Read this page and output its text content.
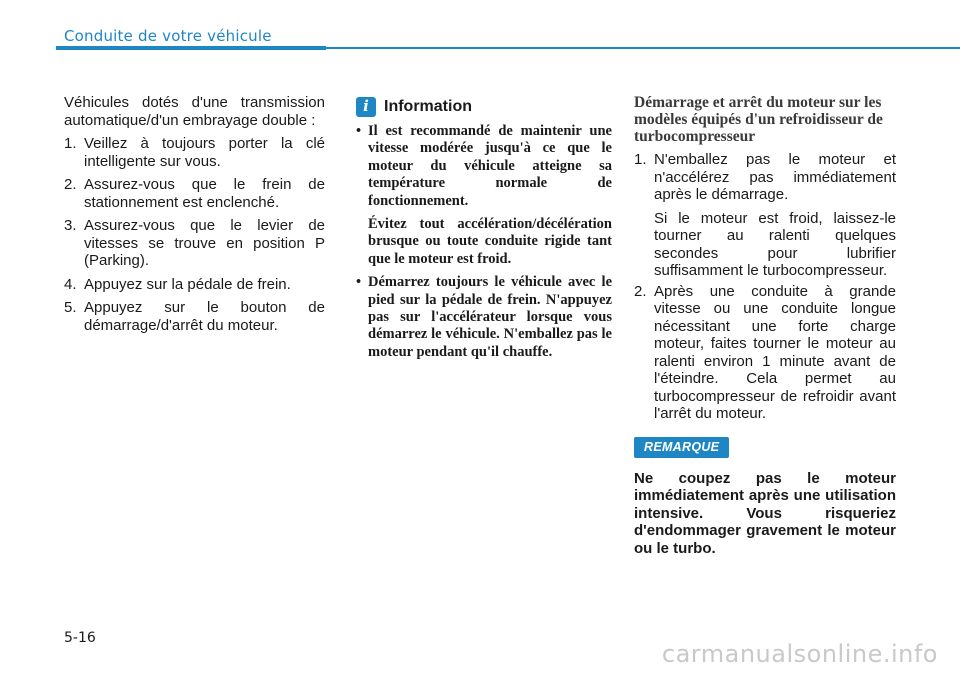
Conduite de votre véhicule

Véhicules dotés d'une transmission automatique/d'un embrayage double :

1. Veillez à toujours porter la clé intelligente sur vous.
2. Assurez-vous que le frein de stationnement est enclenché.
3. Assurez-vous que le levier de vitesses se trouve en position P (Parking).
4. Appuyez sur la pédale de frein.
5. Appuyez sur le bouton de démarrage/d'arrêt du moteur.
i Information
• Il est recommandé de maintenir une vitesse modérée jusqu'à ce que le moteur du véhicule atteigne sa température normale de fonctionnement.

Évitez tout accélération/décélération brusque ou toute conduite rigide tant que le moteur est froid.

• Démarrez toujours le véhicule avec le pied sur la pédale de frein. N'appuyez pas sur l'accélérateur lorsque vous démarrez le véhicule. N'emballez pas le moteur pendant qu'il chauffe.

Démarrage et arrêt du moteur sur les modèles équipés d'un refroidisseur de turbocompresseur
1. N'emballez pas le moteur et n'accélérez pas immédiatement après le démarrage.

Si le moteur est froid, laissez-le tourner au ralenti quelques secondes pour lubrifier suffisamment le turbocompresseur.

2. Après une conduite à grande vitesse ou une conduite longue nécessitant une forte charge moteur, faites tourner le moteur au ralenti environ 1 minute avant de l'éteindre. Cela permet au turbocompresseur de refroidir avant l'arrêt du moteur.

REMARQUE

Ne coupez pas le moteur immédiatement après une utilisation intensive. Vous risqueriez d'endommager gravement le moteur ou le turbo.

5-16
carmanualsonline.info
